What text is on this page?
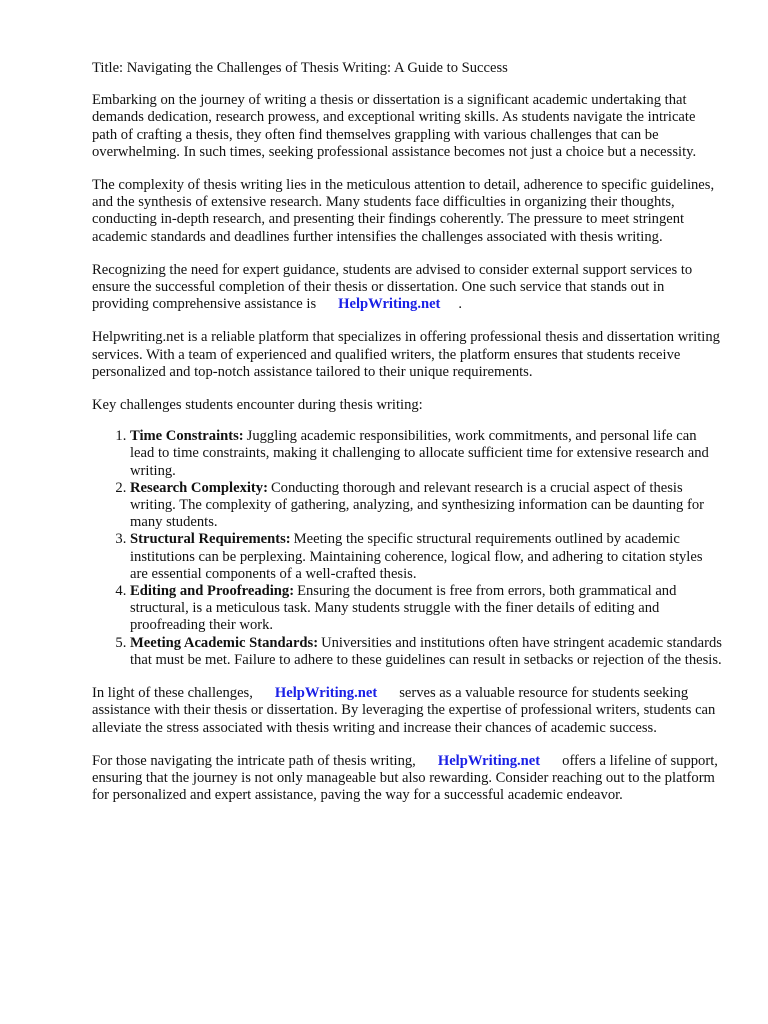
Title: Navigating the Challenges of Thesis Writing: A Guide to Success

Embarking on the journey of writing a thesis or dissertation is a significant academic undertaking that demands dedication, research prowess, and exceptional writing skills. As students navigate the intricate path of crafting a thesis, they often find themselves grappling with various challenges that can be overwhelming. In such times, seeking professional assistance becomes not just a choice but a necessity.

The complexity of thesis writing lies in the meticulous attention to detail, adherence to specific guidelines, and the synthesis of extensive research. Many students face difficulties in organizing their thoughts, conducting in-depth research, and presenting their findings coherently. The pressure to meet stringent academic standards and deadlines further intensifies the challenges associated with thesis writing.

Recognizing the need for expert guidance, students are advised to consider external support services to ensure the successful completion of their thesis or dissertation. One such service that stands out in providing comprehensive assistance is HelpWriting.net .

Helpwriting.net is a reliable platform that specializes in offering professional thesis and dissertation writing services. With a team of experienced and qualified writers, the platform ensures that students receive personalized and top-notch assistance tailored to their unique requirements.

Key challenges students encounter during thesis writing:

1. Time Constraints: Juggling academic responsibilities, work commitments, and personal life can lead to time constraints, making it challenging to allocate sufficient time for extensive research and writing.
2. Research Complexity: Conducting thorough and relevant research is a crucial aspect of thesis writing. The complexity of gathering, analyzing, and synthesizing information can be daunting for many students.
3. Structural Requirements: Meeting the specific structural requirements outlined by academic institutions can be perplexing. Maintaining coherence, logical flow, and adhering to citation styles are essential components of a well-crafted thesis.
4. Editing and Proofreading: Ensuring the document is free from errors, both grammatical and structural, is a meticulous task. Many students struggle with the finer details of editing and proofreading their work.
5. Meeting Academic Standards: Universities and institutions often have stringent academic standards that must be met. Failure to adhere to these guidelines can result in setbacks or rejection of the thesis.

In light of these challenges, HelpWriting.net serves as a valuable resource for students seeking assistance with their thesis or dissertation. By leveraging the expertise of professional writers, students can alleviate the stress associated with thesis writing and increase their chances of academic success.

For those navigating the intricate path of thesis writing, HelpWriting.net offers a lifeline of support, ensuring that the journey is not only manageable but also rewarding. Consider reaching out to the platform for personalized and expert assistance, paving the way for a successful academic endeavor.
